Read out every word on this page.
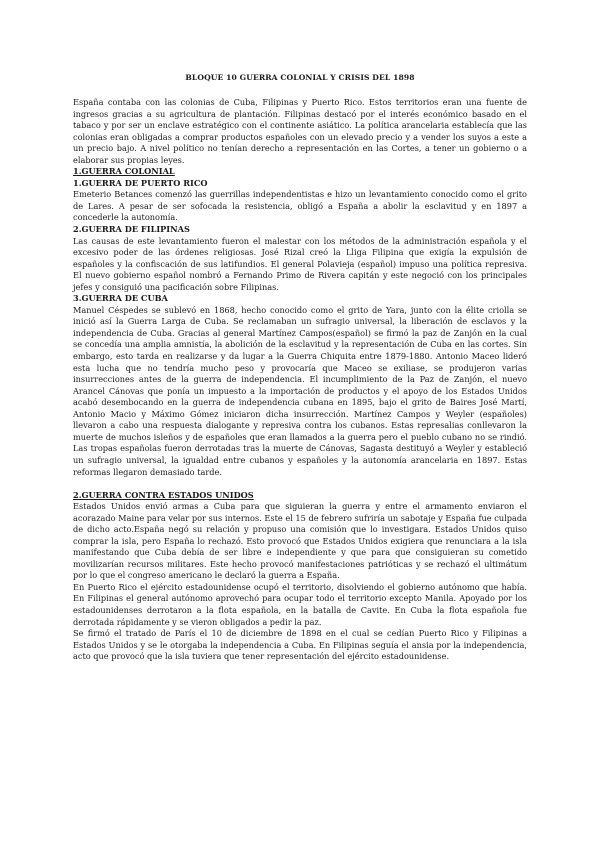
BLOQUE 10 GUERRA COLONIAL Y CRISIS DEL 1898

España contaba con las colonias de Cuba, Filipinas y Puerto Rico. Estos territorios eran una fuente de ingresos gracias a su agricultura de plantación. Filipinas destacó por el interés económico basado en el tabaco y por ser un enclave estratégico con el continente asiático. La política arancelaria establecía que las colonias eran obligadas a comprar productos españoles con un elevado precio y a vender los suyos a este a un precio bajo. A nivel político no tenían derecho a representación en las Cortes, a tener un gobierno o a elaborar sus propias leyes.

1.GUERRA COLONIAL

1.GUERRA DE PUERTO RICO

Emeterio Betances comenzó las guerrillas independentistas e hizo un levantamiento conocido como el grito de Lares. A pesar de ser sofocada la resistencia, obligó a España a abolir la esclavitud y en 1897 a concederle la autonomía.

2.GUERRA DE FILIPINAS

Las causas de este levantamiento fueron el malestar con los métodos de la administración española y el excesivo poder de las órdenes religiosas. José Rizal creó la Lliga Filipina que exigía la expulsión de españoles y la confiscación de sus latifundios. El general Polavieja (español) impuso una política represiva. El nuevo gobierno español nombró a Fernando Primo de Rivera capitán y este negoció con los principales jefes y consiguió una pacificación sobre Filipinas.

3.GUERRA DE CUBA

Manuel Céspedes se sublevó en 1868, hecho conocido como el grito de Yara, junto con la élite criolla se inició así la Guerra Larga de Cuba. Se reclamaban un sufragio universal, la liberación de esclavos y la independencia de Cuba. Gracias al general Martínez Campos(español) se firmó la paz de Zanjón en la cual se concedía una amplia amnistía, la abolición de la esclavitud y la representación de Cuba en las cortes. Sin embargo, esto tarda en realizarse y da lugar a la Guerra Chiquita entre 1879-1880. Antonio Maceo lideró esta lucha que no tendría mucho peso y provocaría que Maceo se exiliase, se produjeron varias insurrecciones antes de la guerra de independencia. El incumplimiento de la Paz de Zanjón, el nuevo Arancel Cánovas que ponía un impuesto a la importación de productos y el apoyo de los Estados Unidos acabó desembocando en la guerra de independencia cubana en 1895, bajo el grito de Baires José Martí, Antonio Macio y Máximo Gómez iniciaron dicha insurrección. Martínez Campos y Weyler (españoles) llevaron a cabo una respuesta dialogante y represiva contra los cubanos. Estas represalias conllevaron la muerte de muchos isleños y de españoles que eran llamados a la guerra pero el pueblo cubano no se rindió. Las tropas españolas fueron derrotadas tras la muerte de Cánovas, Sagasta destituyó a Weyler y estableció un sufragio universal, la igualdad entre cubanos y españoles y la autonomía arancelaria en 1897. Estas reformas llegaron demasiado tarde.

2.GUERRA CONTRA ESTADOS UNIDOS

Estados Unidos envió armas a Cuba para que siguieran la guerra y entre el armamento enviaron el acorazado Maine para velar por sus internos. Este el 15 de febrero sufriría un sabotaje y España fue culpada de dicho acto.España negó su relación y propuso una comisión que lo investigara. Estados Unidos quiso comprar la isla, pero España lo rechazó. Esto provocó que Estados Unidos exigiera que renunciara a la isla manifestando que Cuba debía de ser libre e independiente y que para que consiguieran su cometido movilizarían recursos militares. Este hecho provocó manifestaciones patrióticas y se rechazó el ultimátum por lo que el congreso americano le declaró la guerra a España.

En Puerto Rico el ejército estadounidense ocupó el territorio, disolviendo el gobierno autónomo que había. En Filipinas el general autónomo aprovechó para ocupar todo el territorio excepto Manila. Apoyado por los estadounidenses derrotaron a la flota española, en la batalla de Cavite. En Cuba la flota española fue derrotada rápidamente y se vieron obligados a pedir la paz.

Se firmó el tratado de París el 10 de diciembre de 1898 en el cual se cedían Puerto Rico y Filipinas a Estados Unidos y se le otorgaba la independencia a Cuba. En Filipinas seguía el ansia por la independencia, acto que provocó que la isla tuviera que tener representación del ejército estadounidense.
